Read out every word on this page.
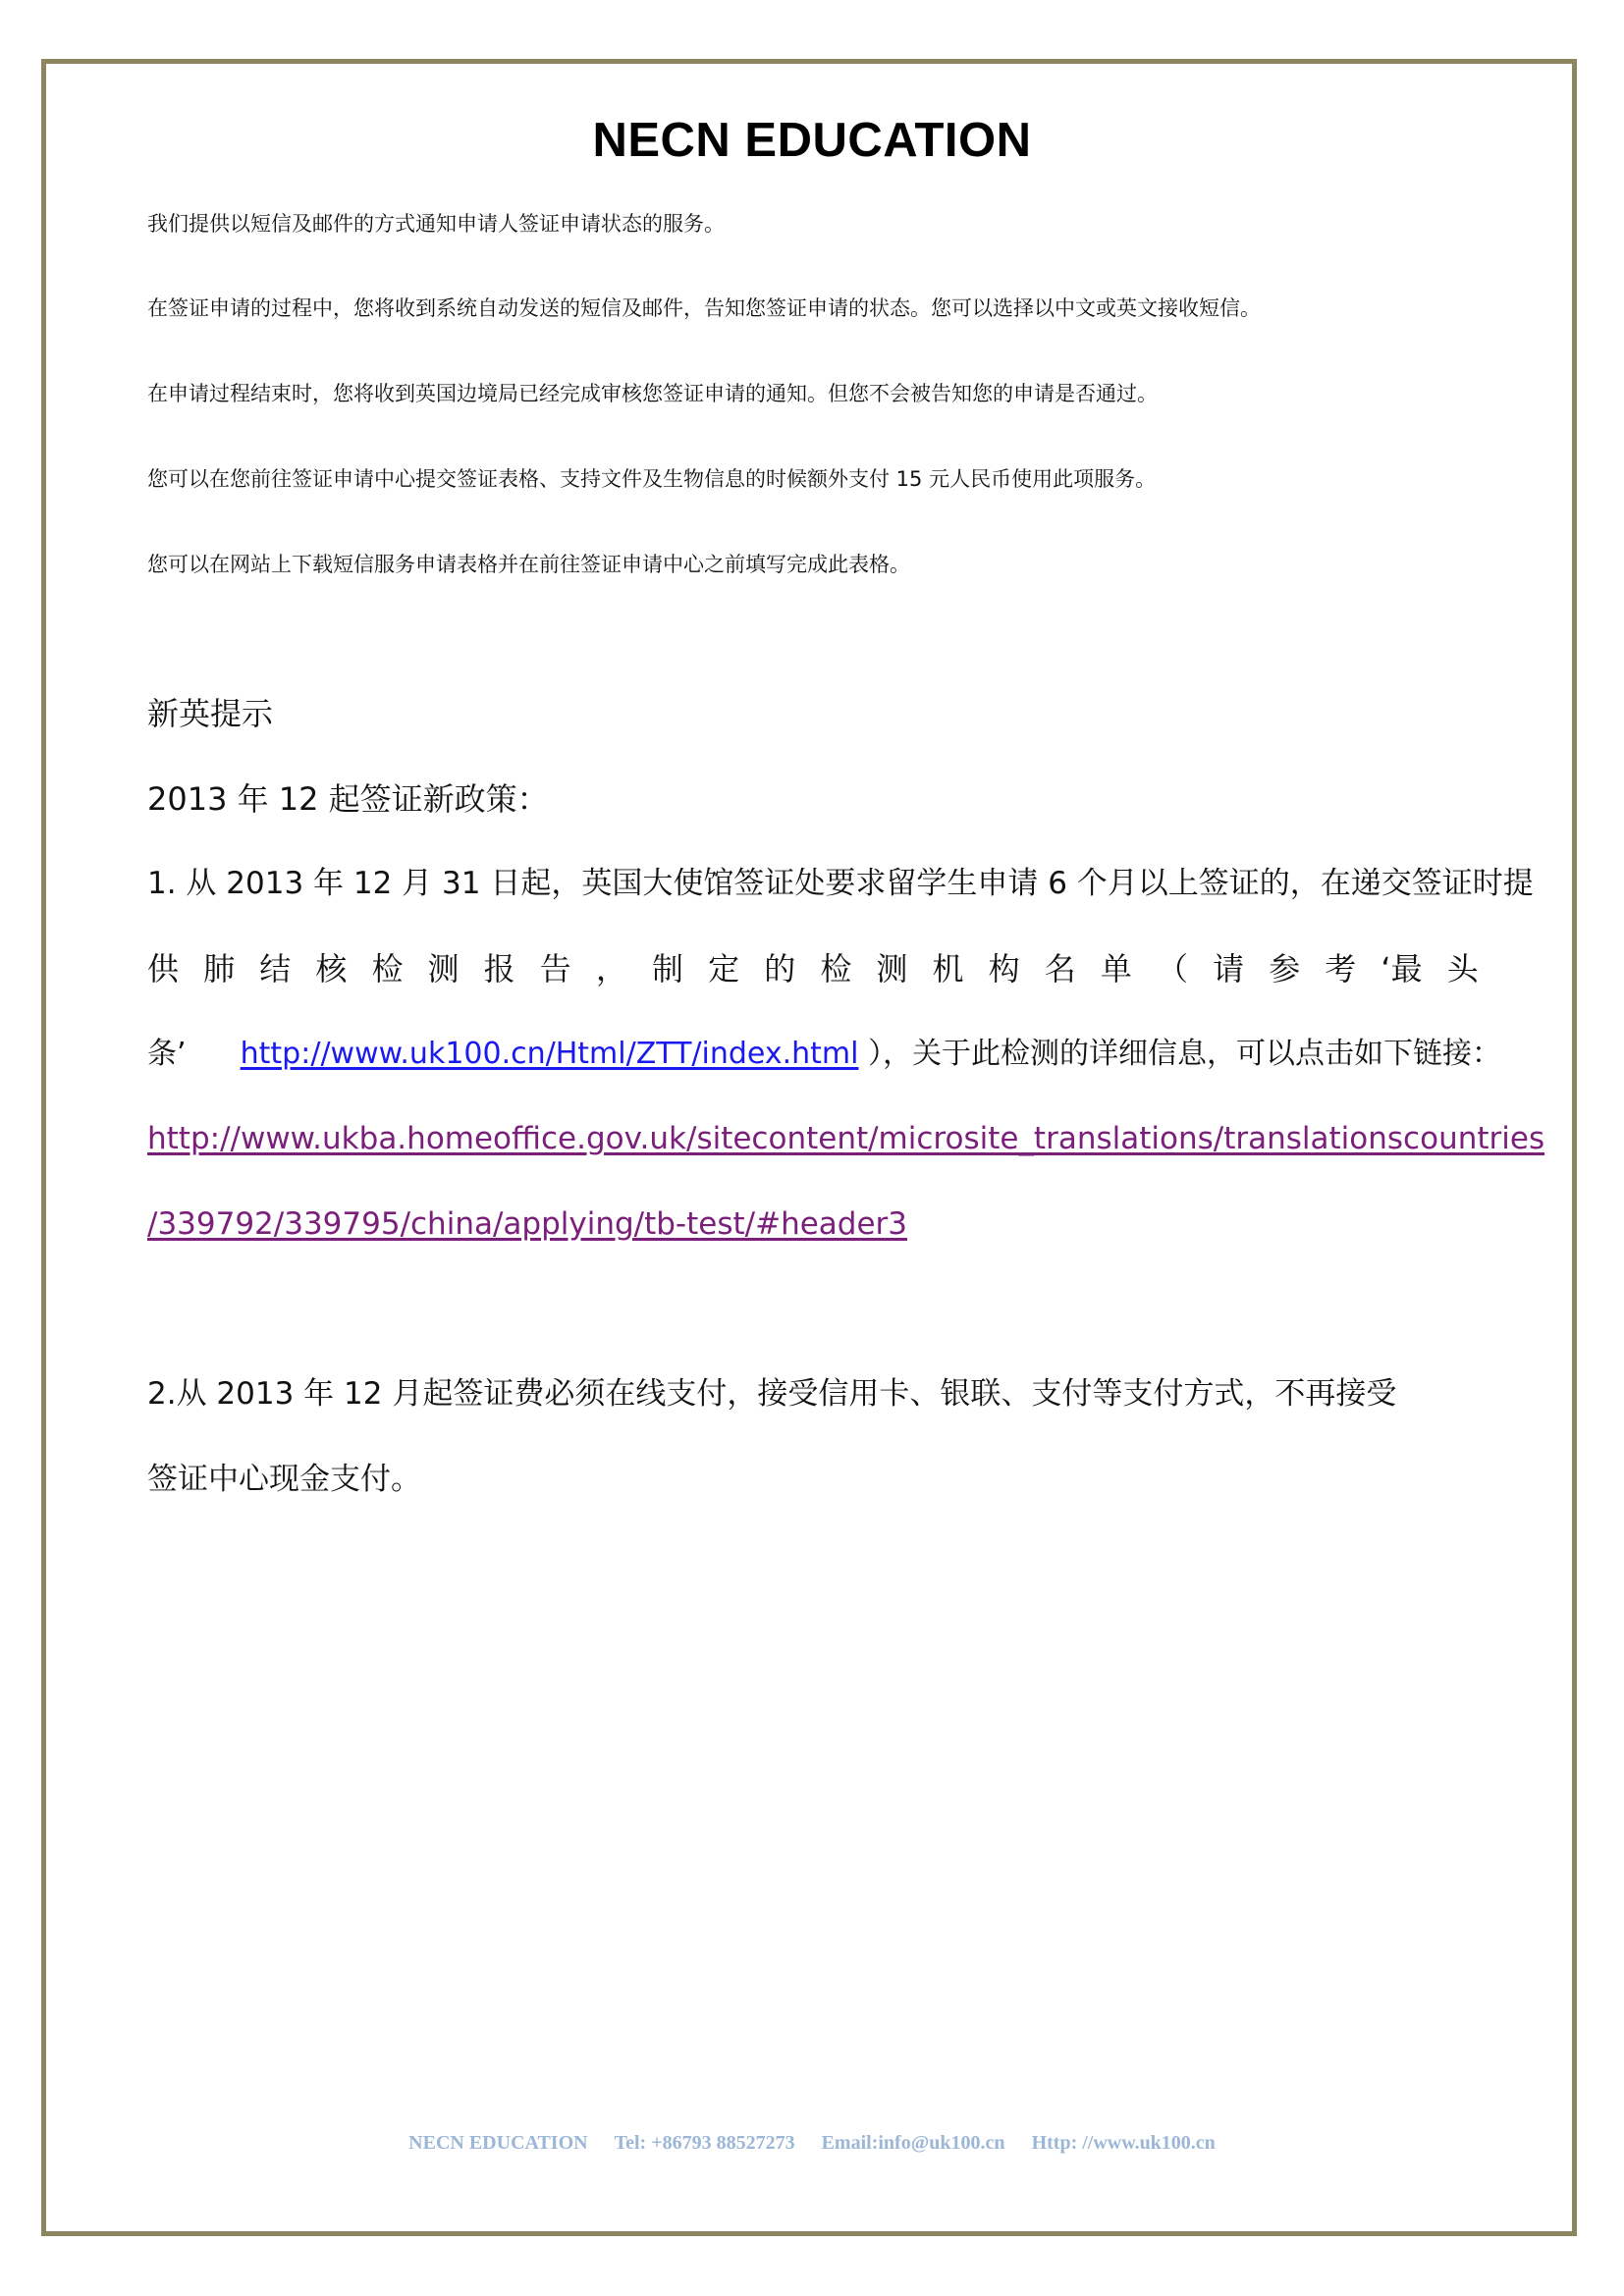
NECN EDUCATION
我们提供以短信及邮件的方式通知申请人签证申请状态的服务。
在签证申请的过程中，您将收到系统自动发送的短信及邮件，告知您签证申请的状态。您可以选择以中文或英文接收短信。
在申请过程结束时，您将收到英国边境局已经完成审核您签证申请的通知。但您不会被告知您的申请是否通过。
您可以在您前往签证申请中心提交签证表格、支持文件及生物信息的时候额外支付 15 元人民币使用此项服务。
您可以在网站上下载短信服务申请表格并在前往签证申请中心之前填写完成此表格。
新英提示
2013 年 12 起签证新政策：
1. 从 2013 年 12 月 31 日起，英国大使馆签证处要求留学生申请 6 个月以上签证的，在递交签证时提
供 肺 结 核 检 测 报 告 ， 制 定 的 检 测 机 构 名 单 （ 请 参 考 ‘最 头
条’ http://www.uk100.cn/Html/ZTT/index.html ），关于此检测的详细信息，可以点击如下链接：
http://www.ukba.homeoffice.gov.uk/sitecontent/microsite_translations/translationscountries
/339792/339795/china/applying/tb-test/#header3
2.从 2013 年 12 月起签证费必须在线支付，接受信用卡、银联、支付等支付方式，不再接受
签证中心现金支付。
NECN EDUCATION Tel: +86793 88527273 Email:info@uk100.cn Http: //www.uk100.cn
